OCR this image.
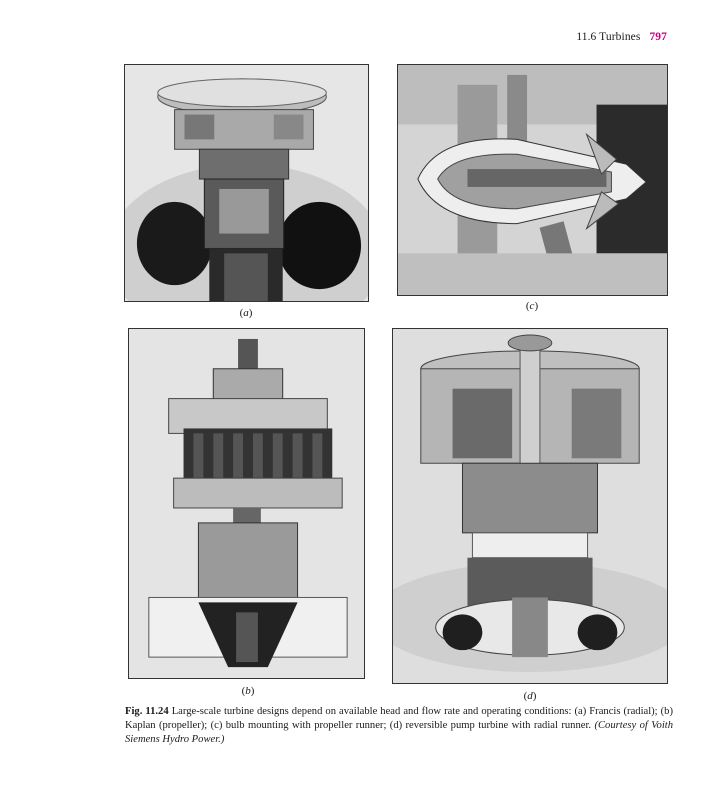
11.6 Turbines 797
(a)
(c)
(b)	(d)
Fig. 11.24 Large-scale turbine designs depend on available head and flow rate and operating conditions: (a) Francis (radial); (b) Kaplan (propeller); (c) bulb mounting with propeller runner; (d) reversible pump turbine with radial runner. (Courtesy of Voith Siemens Hydro Power.)
